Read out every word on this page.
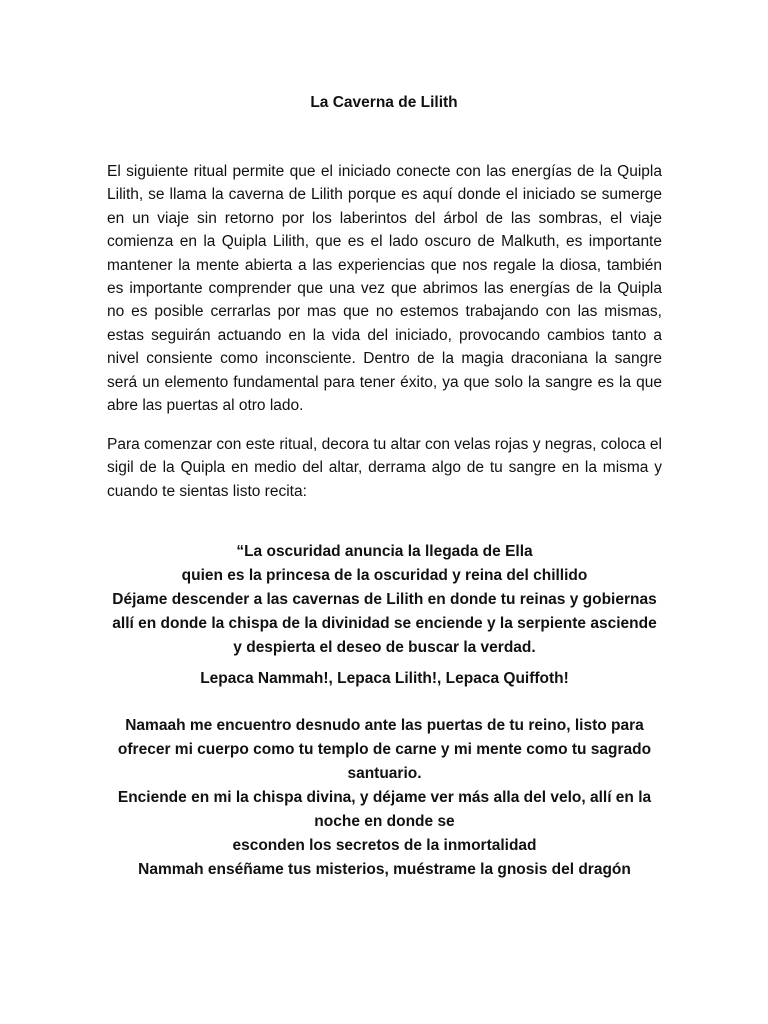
La Caverna de Lilith

El siguiente ritual permite que el iniciado conecte con las energías de la Quipla Lilith, se llama la caverna de Lilith porque es aquí donde el iniciado se sumerge en un viaje sin retorno por los laberintos del árbol de las sombras, el viaje comienza en la Quipla Lilith, que es el lado oscuro de Malkuth, es importante mantener la mente abierta a las experiencias que nos regale la diosa, también es importante comprender que una vez que abrimos las energías de la Quipla no es posible cerrarlas por mas que no estemos trabajando con las mismas, estas seguirán actuando en la vida del iniciado, provocando cambios tanto a nivel consiente como inconsciente. Dentro de la magia draconiana la sangre será un elemento fundamental para tener éxito, ya que solo la sangre es la que abre las puertas al otro lado.

Para comenzar con este ritual, decora tu altar con velas rojas y negras, coloca el sigil de la Quipla en medio del altar, derrama algo de tu sangre en la misma y cuando te sientas listo recita:

“La oscuridad anuncia la llegada de Ella
quien es la princesa de la oscuridad y reina del chillido
Déjame descender a las cavernas de Lilith en donde tu reinas y gobiernas
allí en donde la chispa de la divinidad se enciende y la serpiente asciende
y despierta el deseo de buscar la verdad.

Lepaca Nammah!, Lepaca Lilith!, Lepaca Quiffoth!

Namaah me encuentro desnudo ante las puertas de tu reino, listo para
ofrecer mi cuerpo como tu templo de carne y mi mente como tu sagrado
santuario.
Enciende en mi la chispa divina, y déjame ver más alla del velo, allí en la
noche en donde se
esconden los secretos de la inmortalidad
Nammah enséñame tus misterios, muéstrame la gnosis del dragón
